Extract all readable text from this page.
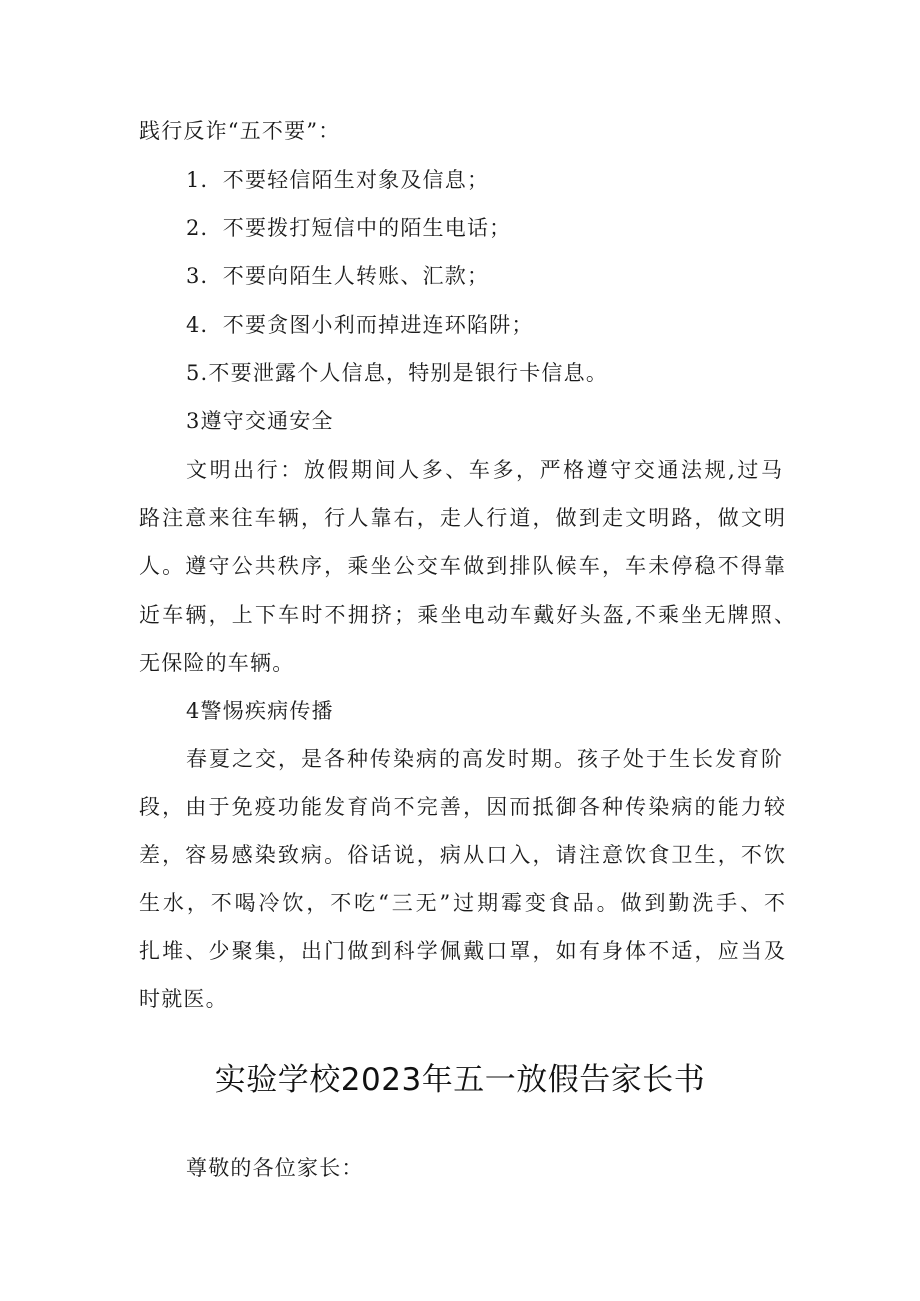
践行反诈“五不要”：
1．不要轻信陌生对象及信息；
2．不要拨打短信中的陌生电话；
3．不要向陌生人转账、汇款；
4．不要贪图小利而掉进连环陷阱；
5.不要泄露个人信息，特别是银行卡信息。
3遵守交通安全
文明出行：放假期间人多、车多，严格遵守交通法规,过马
路注意来往车辆，行人靠右，走人行道，做到走文明路，做文明
人。遵守公共秩序，乘坐公交车做到排队候车，车未停稳不得靠
近车辆，上下车时不拥挤；乘坐电动车戴好头盔,不乘坐无牌照、
无保险的车辆。
4警惕疾病传播
春夏之交，是各种传染病的高发时期。孩子处于生长发育阶
段，由于免疫功能发育尚不完善，因而抵御各种传染病的能力较
差，容易感染致病。俗话说，病从口入，请注意饮食卫生，不饮
生水，不喝冷饮，不吃“三无”过期霉变食品。做到勤洗手、不
扎堆、少聚集，出门做到科学佩戴口罩，如有身体不适，应当及
时就医。
实验学校2023年五一放假告家长书
尊敬的各位家长：
